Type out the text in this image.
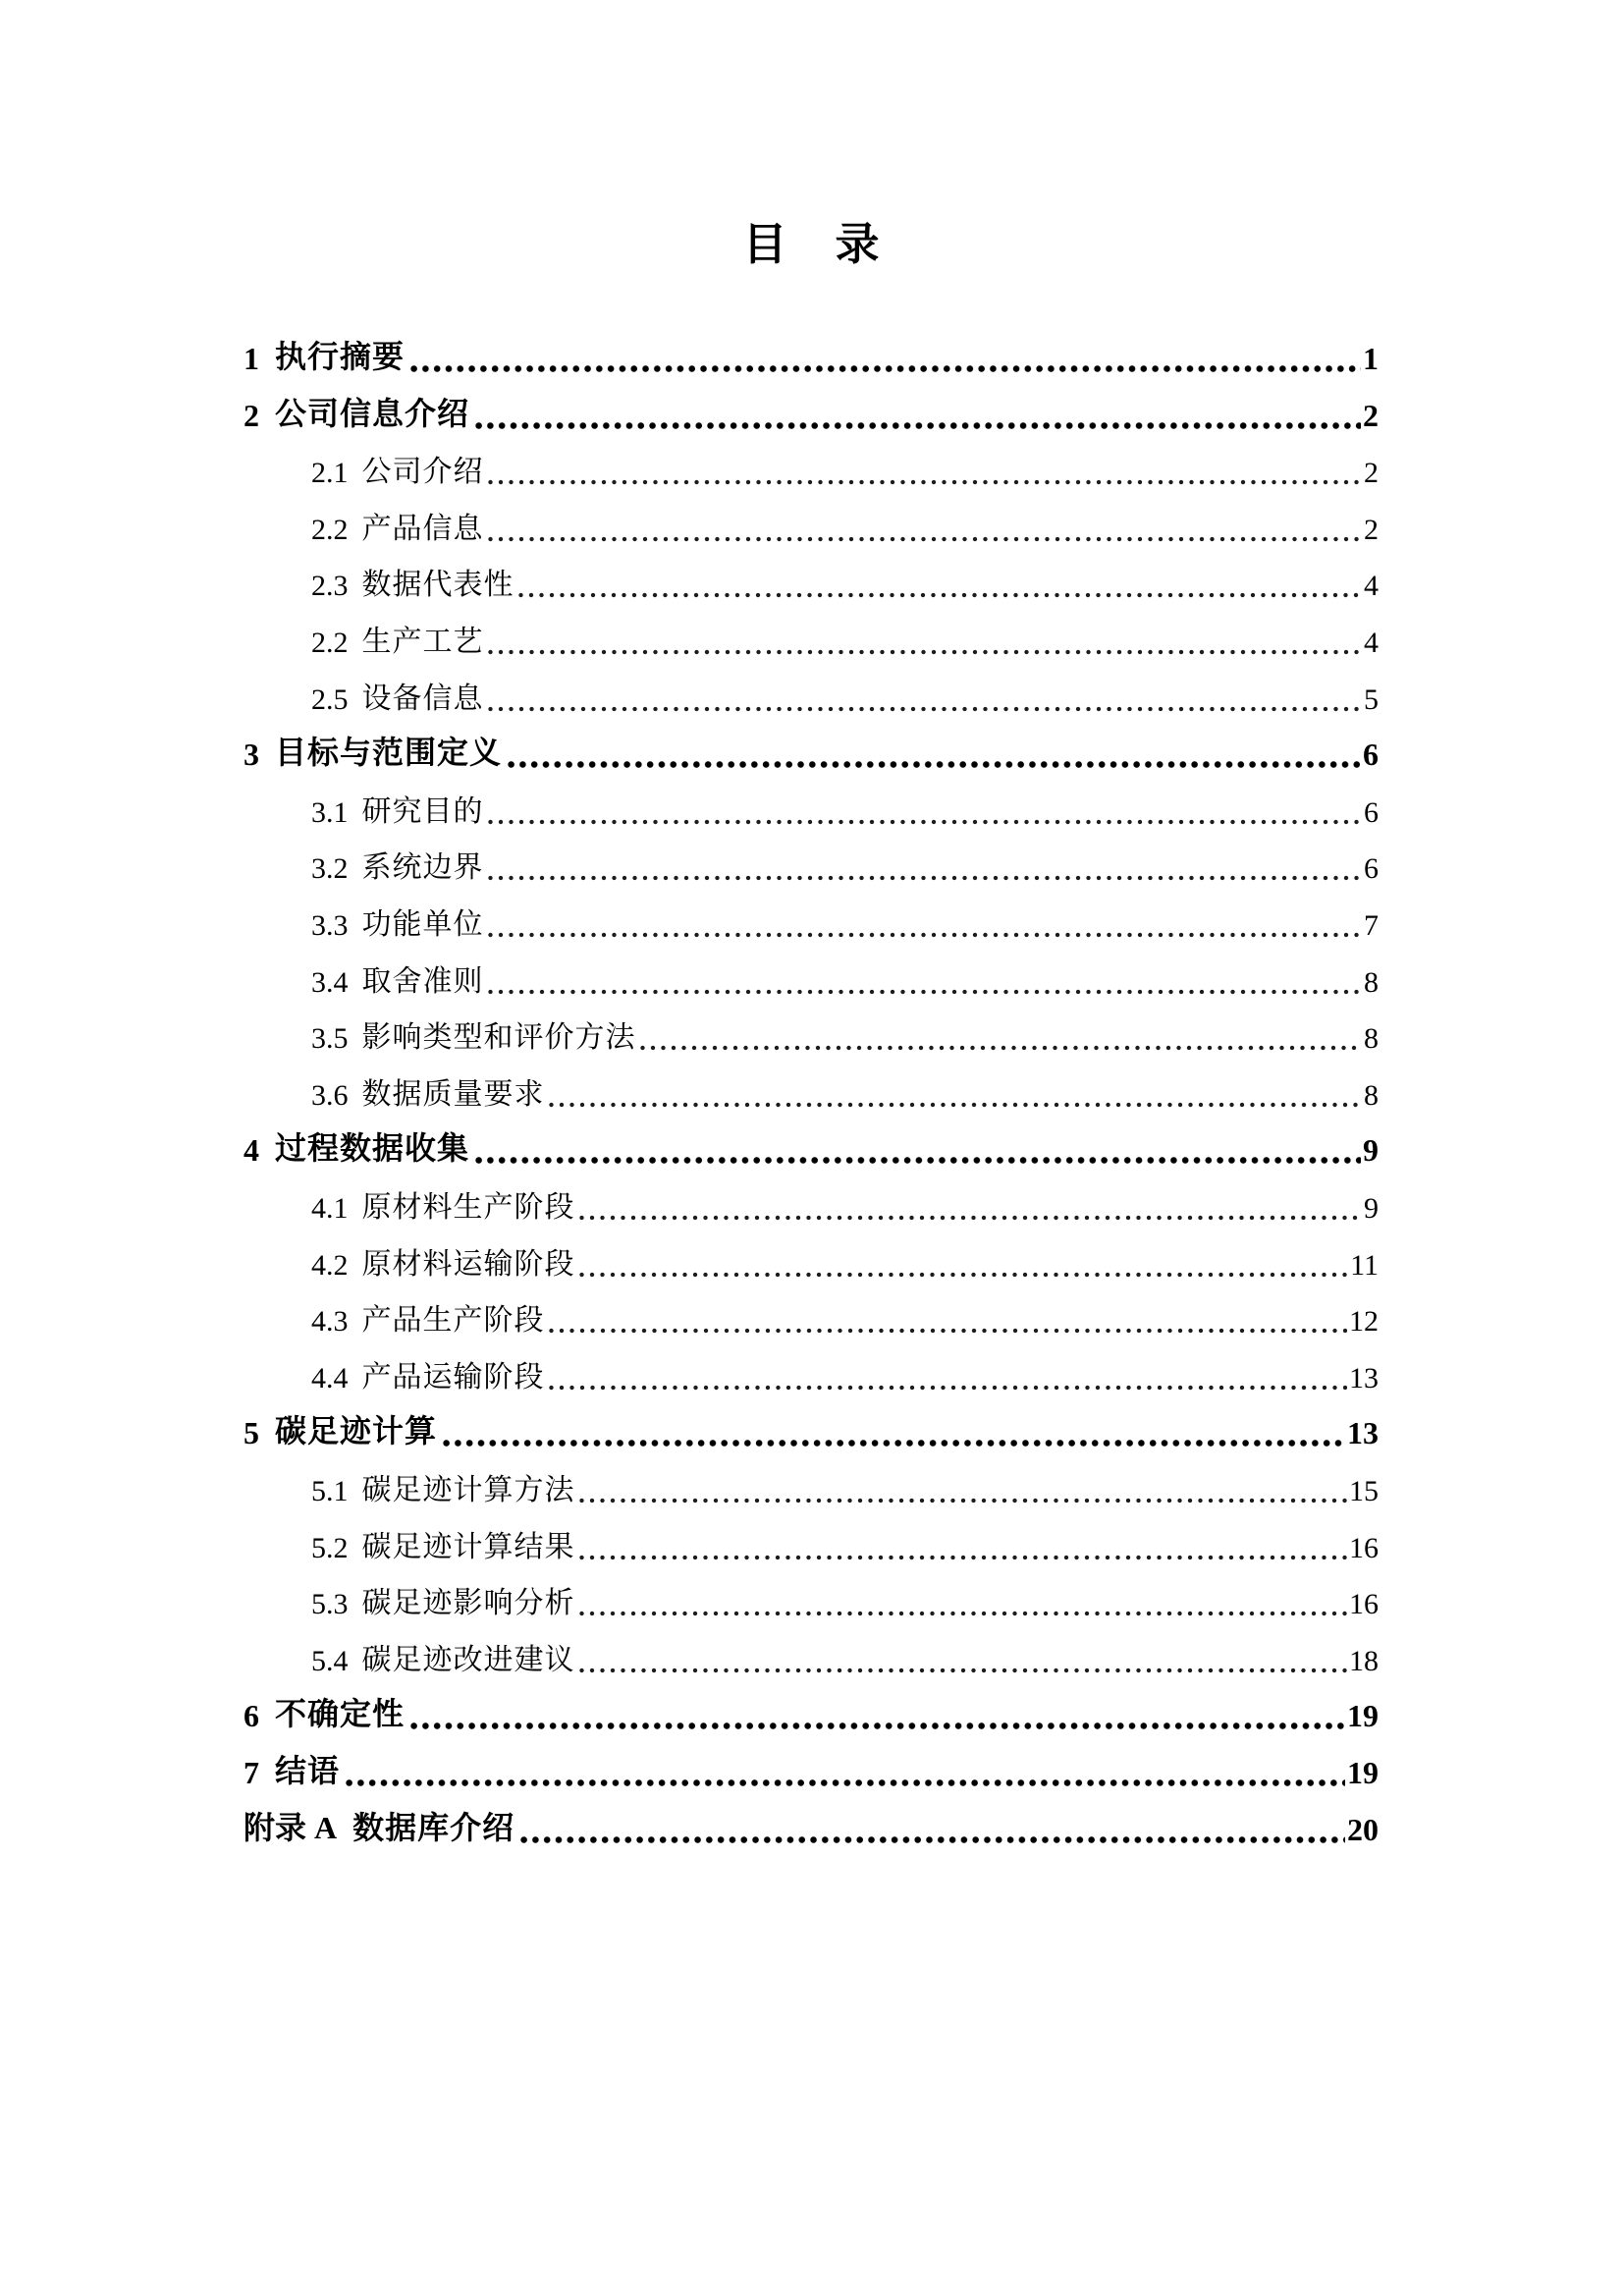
目　录
1 执行摘要	1
2 公司信息介绍	2
2.1 公司介绍	2
2.2 产品信息	2
2.3 数据代表性	4
2.2 生产工艺	4
2.5 设备信息	5
3 目标与范围定义	6
3.1 研究目的	6
3.2 系统边界	6
3.3 功能单位	7
3.4 取舍准则	8
3.5 影响类型和评价方法	8
3.6 数据质量要求	8
4 过程数据收集	9
4.1 原材料生产阶段	9
4.2 原材料运输阶段	11
4.3 产品生产阶段	12
4.4 产品运输阶段	13
5 碳足迹计算	13
5.1 碳足迹计算方法	15
5.2 碳足迹计算结果	16
5.3 碳足迹影响分析	16
5.4 碳足迹改进建议	18
6 不确定性	19
7 结语	19
附录 A 数据库介绍	20
